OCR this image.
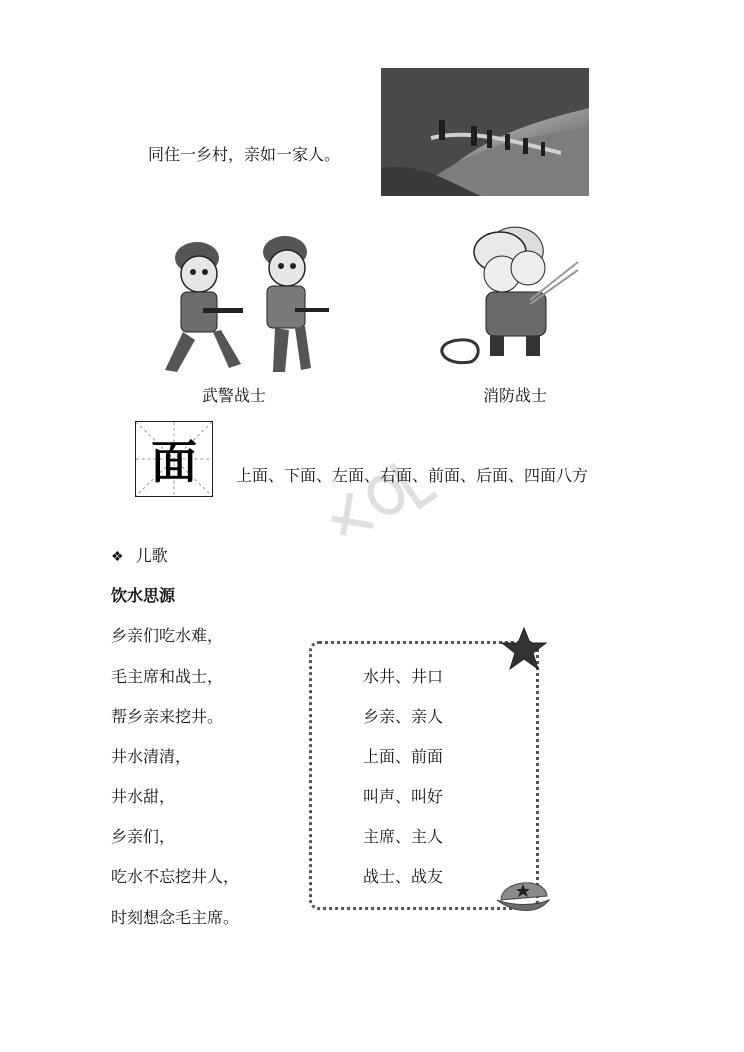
同住一乡村，亲如一家人。
武警战士	消防战士
面	上面、下面、左面、右面、前面、后面、四面八方
❖ 儿歌
饮水思源
乡亲们吃水难，
毛主席和战士，
帮乡亲来挖井。
井水清清，
井水甜，
乡亲们，
吃水不忘挖井人，
时刻想念毛主席。
水井、井口
乡亲、亲人
上面、前面
叫声、叫好
主席、主人
战士、战友
